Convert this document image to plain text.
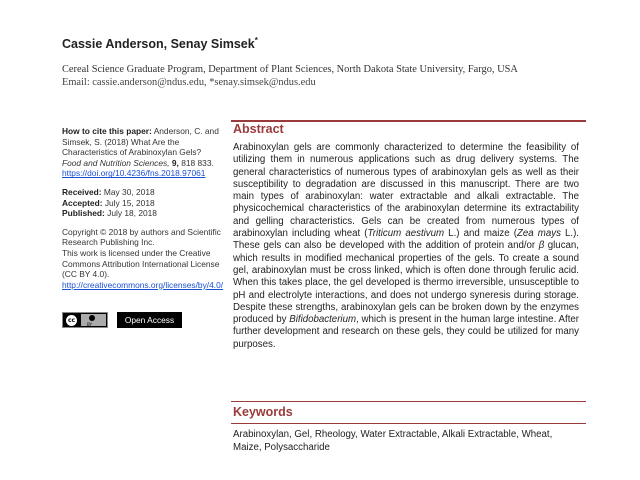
Cassie Anderson, Senay Simsek*
Cereal Science Graduate Program, Department of Plant Sciences, North Dakota State University, Fargo, USA
Email: cassie.anderson@ndus.edu, *senay.simsek@ndus.edu

How to cite this paper: Anderson, C. and Simsek, S. (2018) What Are the Characteristics of Arabinoxylan Gels? Food and Nutrition Sciences, 9, 818 833.
https://doi.org/10.4236/fns.2018.97061

Received: May 30, 2018
Accepted: July 15, 2018
Published: July 18, 2018

Copyright © 2018 by authors and Scientific Research Publishing Inc.
This work is licensed under the Creative Commons Attribution International License (CC BY 4.0).
http://creativecommons.org/licenses/by/4.0/

cc
BY	Open Access
Abstract

Arabinoxylan gels are commonly characterized to determine the feasibility of utilizing them in numerous applications such as drug delivery systems. The general characteristics of numerous types of arabinoxylan gels as well as their susceptibility to degradation are discussed in this manuscript. There are two main types of arabinoxylan: water extractable and alkali extractable. The physicochemical characteristics of the arabinoxylan determine its extractability and gelling characteristics. Gels can be created from numerous types of arabinoxylan including wheat (Triticum aestivum L.) and maize (Zea mays L.). These gels can also be developed with the addition of protein and/or β glucan, which results in modified mechanical properties of the gels. To create a sound gel, arabinoxylan must be cross linked, which is often done through ferulic acid. When this takes place, the gel developed is thermo irreversible, unsusceptible to pH and electrolyte interactions, and does not undergo syneresis during storage. Despite these strengths, arabinoxylan gels can be broken down by the enzymes produced by Bifidobacterium, which is present in the human large intestine. After further development and research on these gels, they could be utilized for many purposes.

Keywords

Arabinoxylan, Gel, Rheology, Water Extractable, Alkali Extractable, Wheat, Maize, Polysaccharide
